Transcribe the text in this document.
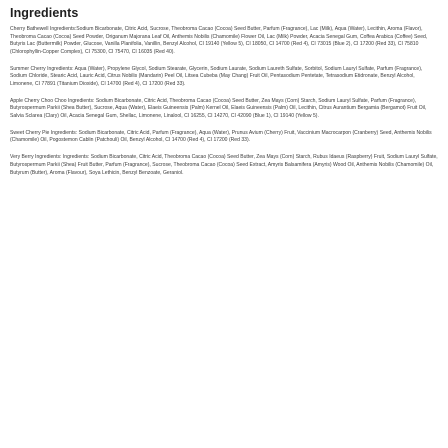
Ingredients
Cherry Bathewell Ingredients:Sodium Bicarbonate, Citric Acid, Sucrose, Theobroma Cacao (Cocoa) Seed Butter, Parfum (Fragrance), Lac (Milk), Aqua (Water), Lecithin, Aroma (Flavor), Theobroma Cacao (Cocoa) Seed Powder, Origanum Majorana Leaf Oil, Anthemis Nobilis (Chamomile) Flower Oil, Lac (Milk) Powder, Acacia Senegal Gum, Coffea Arabica (Coffee) Seed, Butyris Lac (Buttermilk) Powder, Glucose, Vanilla Planifolia, Vanillin, Benzyl Alcohol, CI 19140 (Yellow 5), CI 18050, CI 14700 (Red 4), CI 73015 (Blue 2), CI 17200 (Red 33), CI 75810 (Chlorophyllin-Copper Complex), CI 75300, CI 75470, CI 16035 (Red 40).
Summer Cherry Ingredients: Aqua (Water), Propylene Glycol, Sodium Stearate, Glycerin, Sodium Laurate, Sodium Laureth Sulfate, Sorbitol, Sodium Lauryl Sulfate, Parfum (Fragrance), Sodium Chloride, Stearic Acid, Lauric Acid, Citrus Nobilis (Mandarin) Peel Oil, Litsea Cubeba (May Chang) Fruit Oil, Pentasodium Pentetate, Tetrasodium Etidronate, Benzyl Alcohol, Limonene, CI 77891 (Titanium Dioxide), CI 14700 (Red 4), CI 17200 (Red 33).
Apple Cherry Choo Choo Ingredients: Sodium Bicarbonate, Citric Acid, Theobroma Cacao (Cocoa) Seed Butter, Zea Mays (Corn) Starch, Sodium Lauryl Sulfate, Parfum (Fragrance), Butyrospermum Parkii (Shea Butter), Sucrose, Aqua (Water), Elaeis Guineensis (Palm) Kernel Oil, Elaeis Guineensis (Palm) Oil, Lecithin, Citrus Aurantium Bergamia (Bergamot) Fruit Oil, Salvia Sclarea (Clary) Oil, Acacia Senegal Gum, Shellac, Limonene, Linalool, CI 16255, CI 14270, CI 42090 (Blue 1), CI 19140 (Yellow 5).
Sweet Cherry Pie Ingredients: Sodium Bicarbonate, Citric Acid, Parfum (Fragrance), Aqua (Water), Prunus Avium (Cherry) Fruit, Vaccinium Macrocarpon (Cranberry) Seed, Anthemis Nobilis (Chamomile) Oil, Pogostemon Cablin (Patchouli) Oil, Benzyl Alcohol, CI 14700 (Red 4), CI 17200 (Red 33).
Very Berry Ingredients: Ingredients: Sodium Bicarbonate, Citric Acid, Theobroma Cacao (Cocoa) Seed Butter, Zea Mays (Corn) Starch, Rubus Idaeus (Raspberry) Fruit, Sodium Lauryl Sulfate, Butyrospermum Parkii (Shea) Fruit Butter, Parfum (Fragrance), Sucrose, Theobroma Cacao (Cocoa) Seed Extract, Amyris Balsamifera (Amyris) Wood Oil, Anthemis Nobilis (Chamomile) Oil, Butyrum (Butter), Aroma (Flavour), Soya Lethicin, Benzyl Benzoate, Geraniol.
